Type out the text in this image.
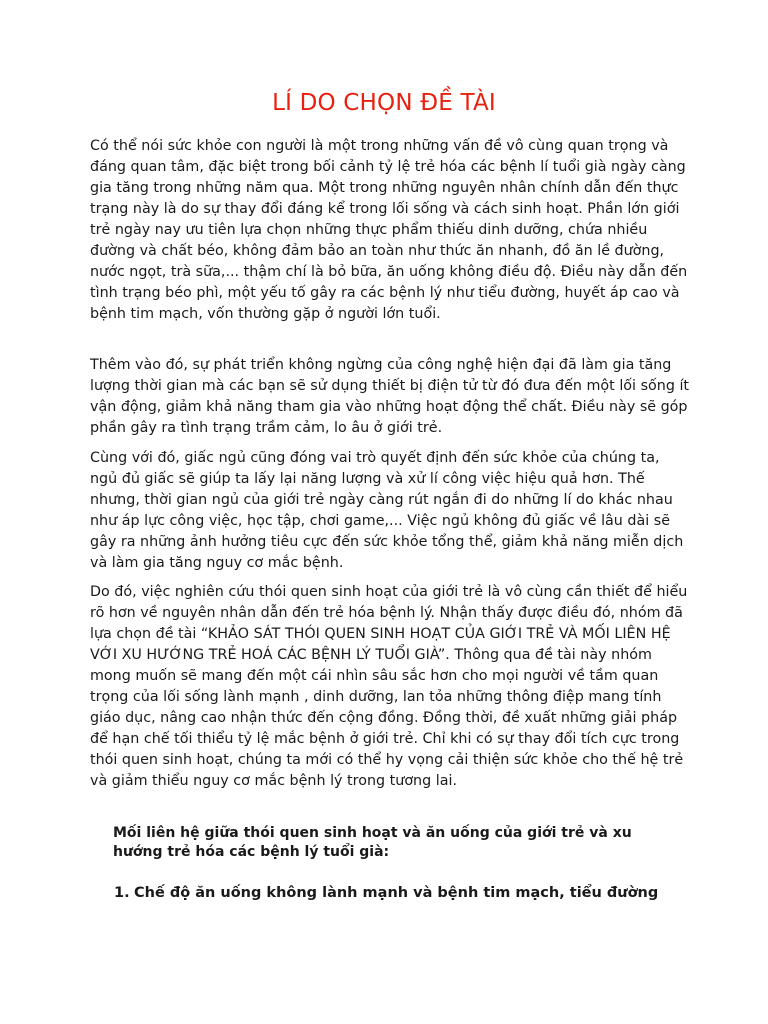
LÍ DO CHỌN ĐỀ TÀI

Có thể nói sức khỏe con người là một trong những vấn đề vô cùng quan trọng và đáng quan tâm, đặc biệt trong bối cảnh tỷ lệ trẻ hóa các bệnh lí tuổi già ngày càng gia tăng trong những năm qua. Một trong những nguyên nhân chính dẫn đến thực trạng này là do sự thay đổi đáng kể trong lối sống và cách sinh hoạt. Phần lớn giới trẻ ngày nay ưu tiên lựa chọn những thực phẩm thiếu dinh dưỡng, chứa nhiều đường và chất béo, không đảm bảo an toàn như thức ăn nhanh, đồ ăn lề đường, nước ngọt, trà sữa,... thậm chí là bỏ bữa, ăn uống không điều độ. Điều này dẫn đến tình trạng béo phì, một yếu tố gây ra các bệnh lý như tiểu đường, huyết áp cao và bệnh tim mạch, vốn thường gặp ở người lớn tuổi.

Thêm vào đó, sự phát triển không ngừng của công nghệ hiện đại đã làm gia tăng lượng thời gian mà các bạn sẽ sử dụng thiết bị điện tử từ đó đưa đến một lối sống ít vận động, giảm khả năng tham gia vào những hoạt động thể chất. Điều này sẽ góp phần gây ra tình trạng trầm cảm, lo âu ở giới trẻ.

Cùng với đó, giấc ngủ cũng đóng vai trò quyết định đến sức khỏe của chúng ta, ngủ đủ giấc sẽ giúp ta lấy lại năng lượng và xử lí công việc hiệu quả hơn. Thế nhưng, thời gian ngủ của giới trẻ ngày càng rút ngắn đi do những lí do khác nhau như áp lực công việc, học tập, chơi game,... Việc ngủ không đủ giấc về lâu dài sẽ gây ra những ảnh hưởng tiêu cực đến sức khỏe tổng thể, giảm khả năng miễn dịch và làm gia tăng nguy cơ mắc bệnh.

Do đó, việc nghiên cứu thói quen sinh hoạt của giới trẻ là vô cùng cần thiết để hiểu rõ hơn về nguyên nhân dẫn đến trẻ hóa bệnh lý. Nhận thấy được điều đó, nhóm đã lựa chọn đề tài “KHẢO SÁT THÓI QUEN SINH HOẠT CỦA GIỚI TRẺ VÀ MỐI LIÊN HỆ VỚI XU HƯỚNG TRẺ HOÁ CÁC BỆNH LÝ TUỔI GIÀ”. Thông qua đề tài này nhóm mong muốn sẽ mang đến một cái nhìn sâu sắc hơn cho mọi người về tầm quan trọng của lối sống lành mạnh , dinh dưỡng, lan tỏa những thông điệp mang tính giáo dục, nâng cao nhận thức đến cộng đồng. Đồng thời, đề xuất những giải pháp để hạn chế tối thiểu tỷ lệ mắc bệnh ở giới trẻ. Chỉ khi có sự thay đổi tích cực trong thói quen sinh hoạt, chúng ta mới có thể hy vọng cải thiện sức khỏe cho thế hệ trẻ và giảm thiểu nguy cơ mắc bệnh lý trong tương lai.

Mối liên hệ giữa thói quen sinh hoạt và ăn uống của giới trẻ và xu hướng trẻ hóa các bệnh lý tuổi già:
1. Chế độ ăn uống không lành mạnh và bệnh tim mạch, tiểu đường
